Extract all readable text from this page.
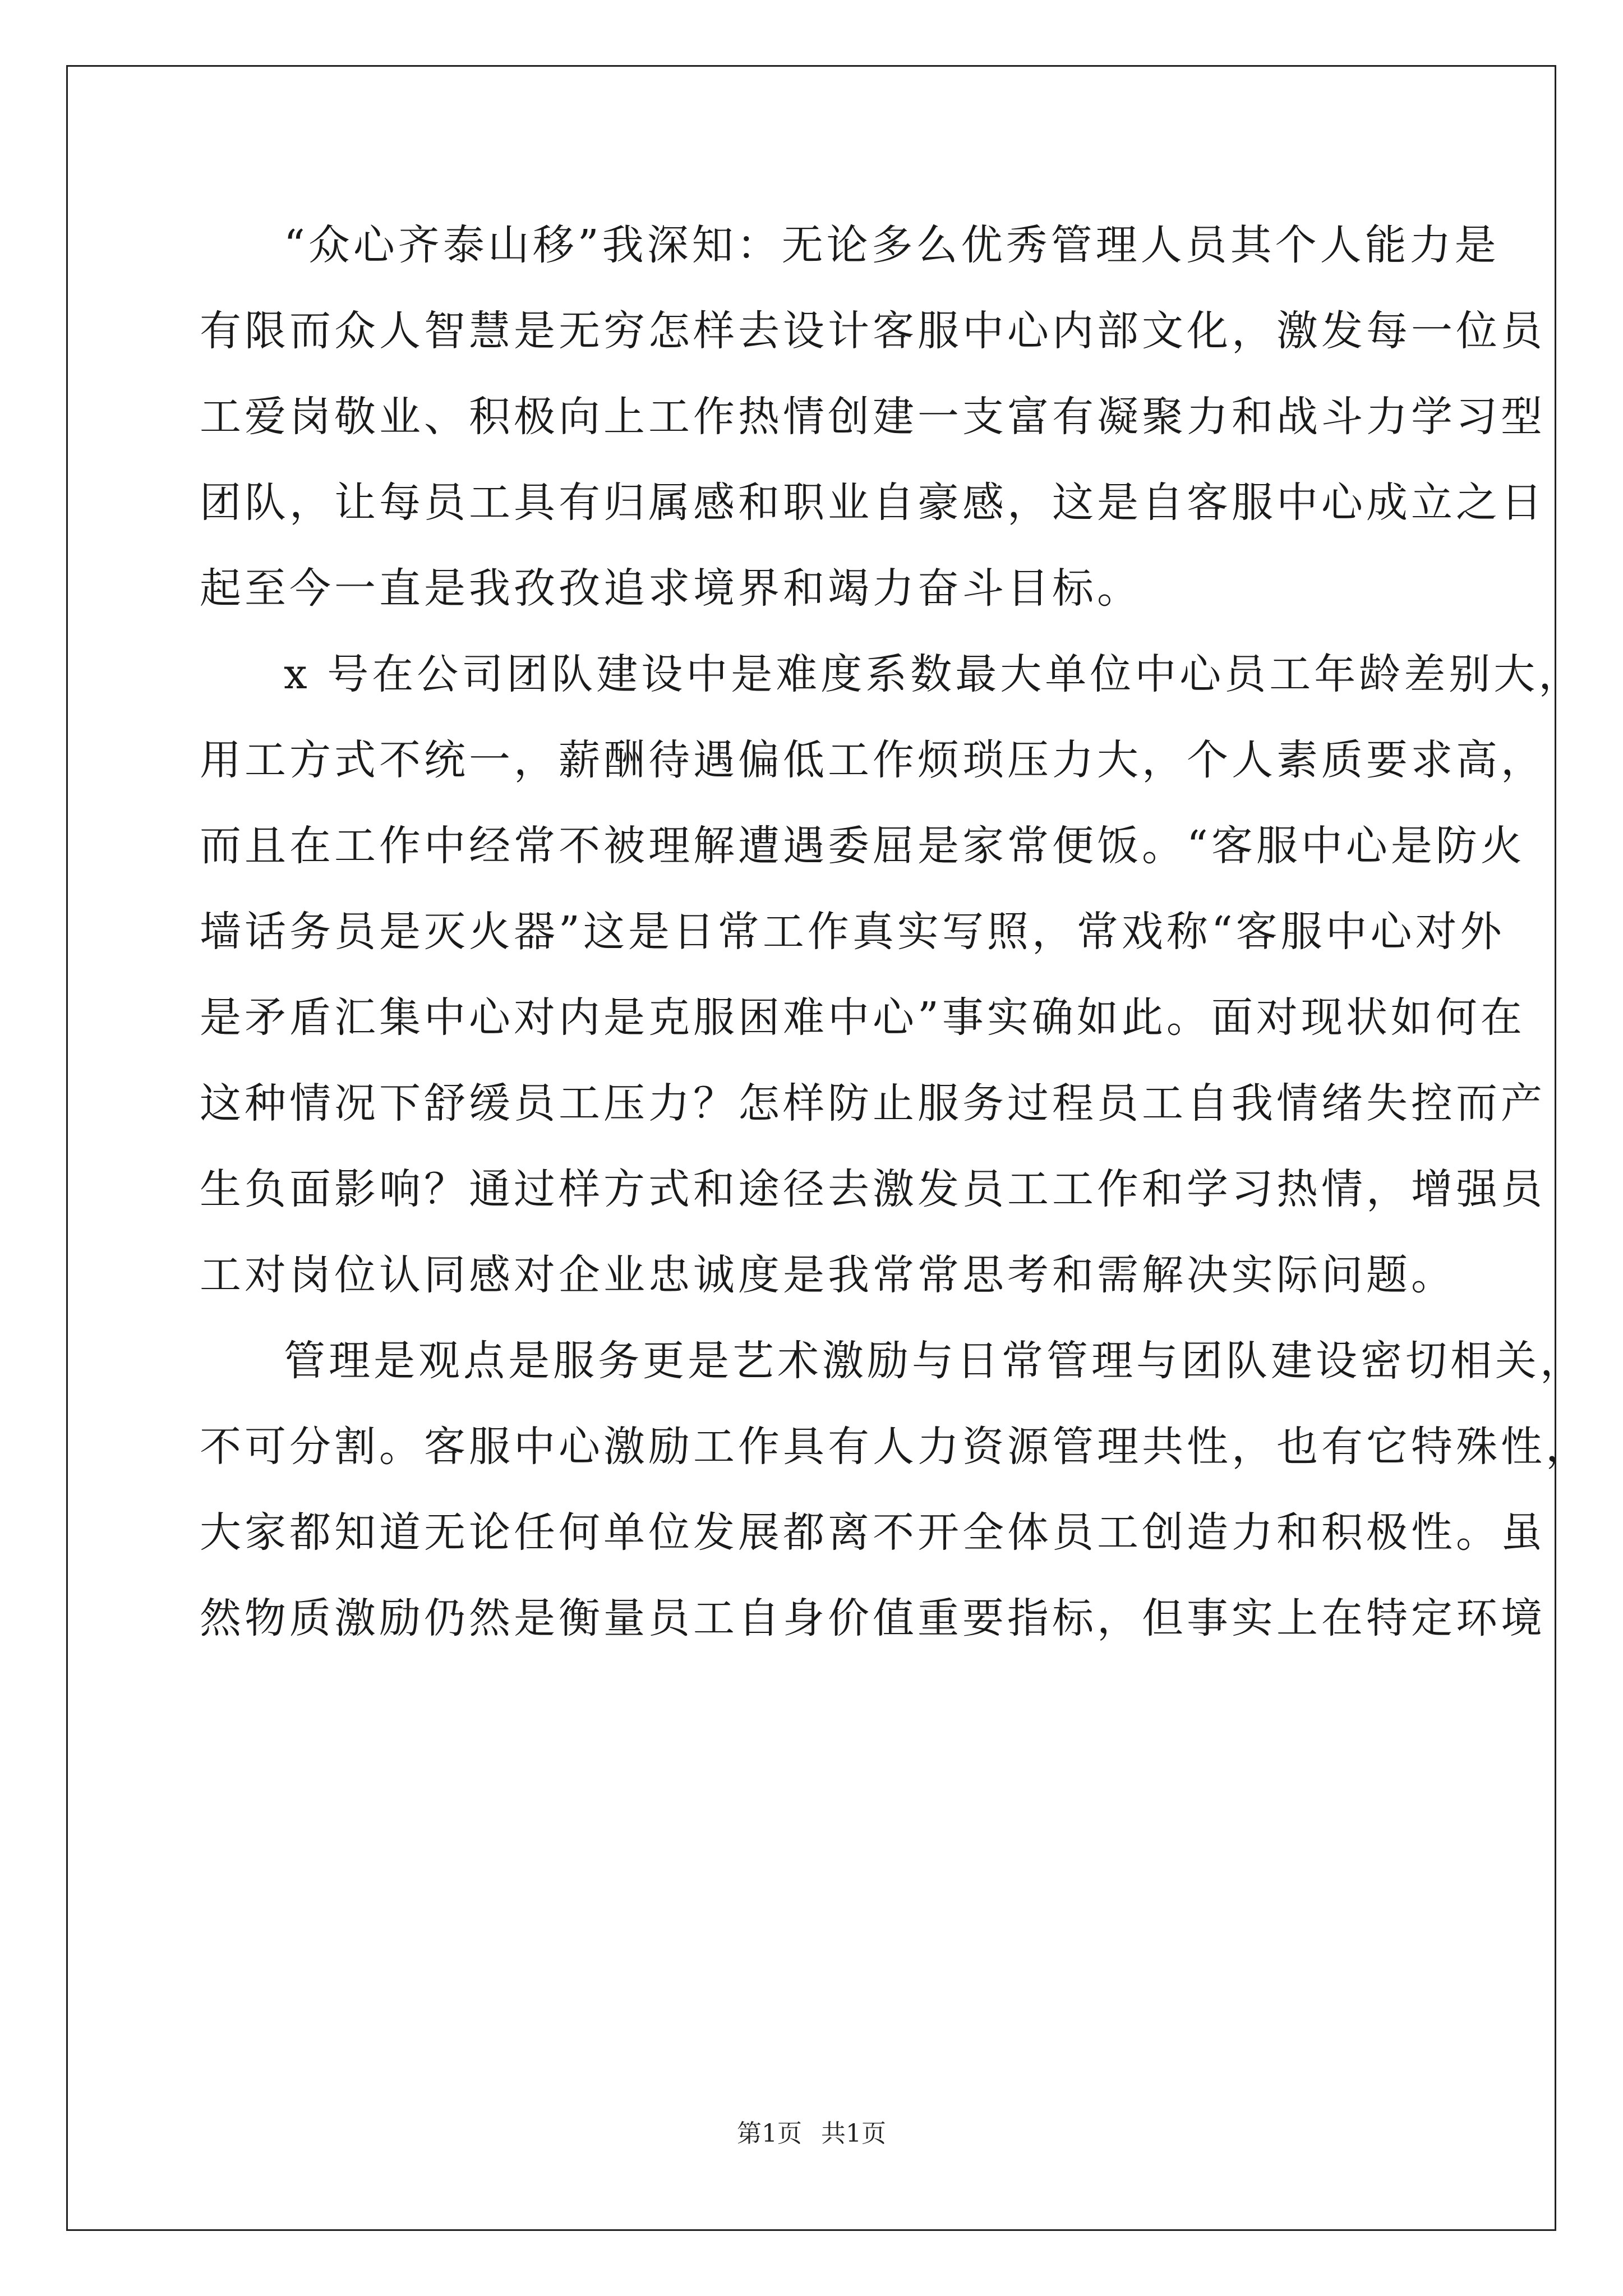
“众心齐泰山移”我深知：无论多么优秀管理人员其个人能力是
有限而众人智慧是无穷怎样去设计客服中心内部文化，激发每一位员
工爱岗敬业、积极向上工作热情创建一支富有凝聚力和战斗力学习型
团队，让每员工具有归属感和职业自豪感，这是自客服中心成立之日
起至今一直是我孜孜追求境界和竭力奋斗目标。
x 号在公司团队建设中是难度系数最大单位中心员工年龄差别大，
用工方式不统一，薪酬待遇偏低工作烦琐压力大，个人素质要求高，
而且在工作中经常不被理解遭遇委屈是家常便饭。“客服中心是防火
墙话务员是灭火器”这是日常工作真实写照，常戏称“客服中心对外
是矛盾汇集中心对内是克服困难中心”事实确如此。面对现状如何在
这种情况下舒缓员工压力？怎样防止服务过程员工自我情绪失控而产
生负面影响？通过样方式和途径去激发员工工作和学习热情，增强员
工对岗位认同感对企业忠诚度是我常常思考和需解决实际问题。
管理是观点是服务更是艺术激励与日常管理与团队建设密切相关，
不可分割。客服中心激励工作具有人力资源管理共性，也有它特殊性，
大家都知道无论任何单位发展都离不开全体员工创造力和积极性。虽
然物质激励仍然是衡量员工自身价值重要指标，但事实上在特定环境
第1页 共1页
